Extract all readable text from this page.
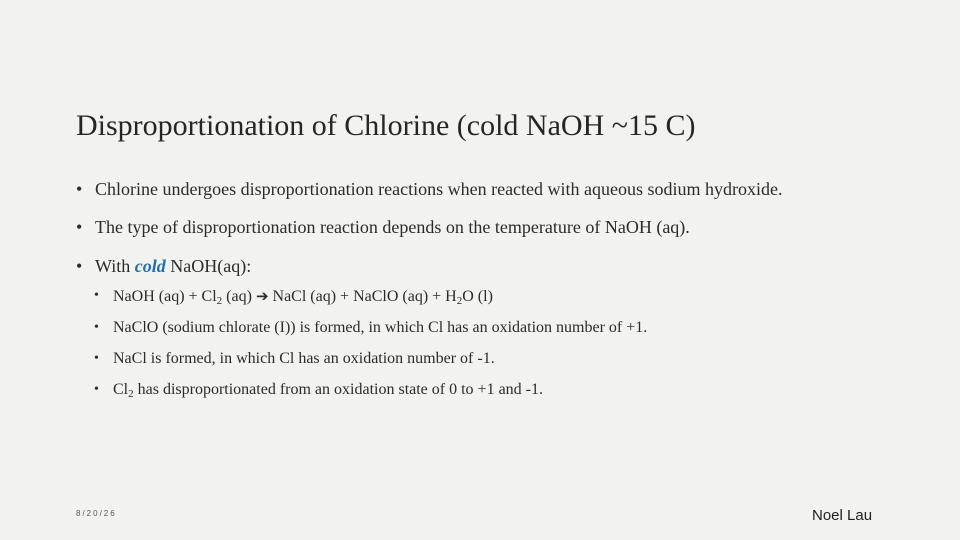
Disproportionation of Chlorine (cold NaOH ~15 C)
• Chlorine undergoes disproportionation reactions when reacted with aqueous sodium hydroxide.
• The type of disproportionation reaction depends on the temperature of NaOH (aq).
• With cold NaOH(aq):
• NaOH $(aq) + Cl_2$ (aq) ➔ NaCl (aq) + NaClO $(aq) + H_2O$ (l)
• NaClO (sodium chlorate (I)) is formed, in which Cl has an oxidation number of +1.
• NaCl is formed, in which Cl has an oxidation number of -1.
• $Cl_2$ has disproportionated from an oxidation state of 0 to +1 and -1.
8/20/26	Noel Lau
